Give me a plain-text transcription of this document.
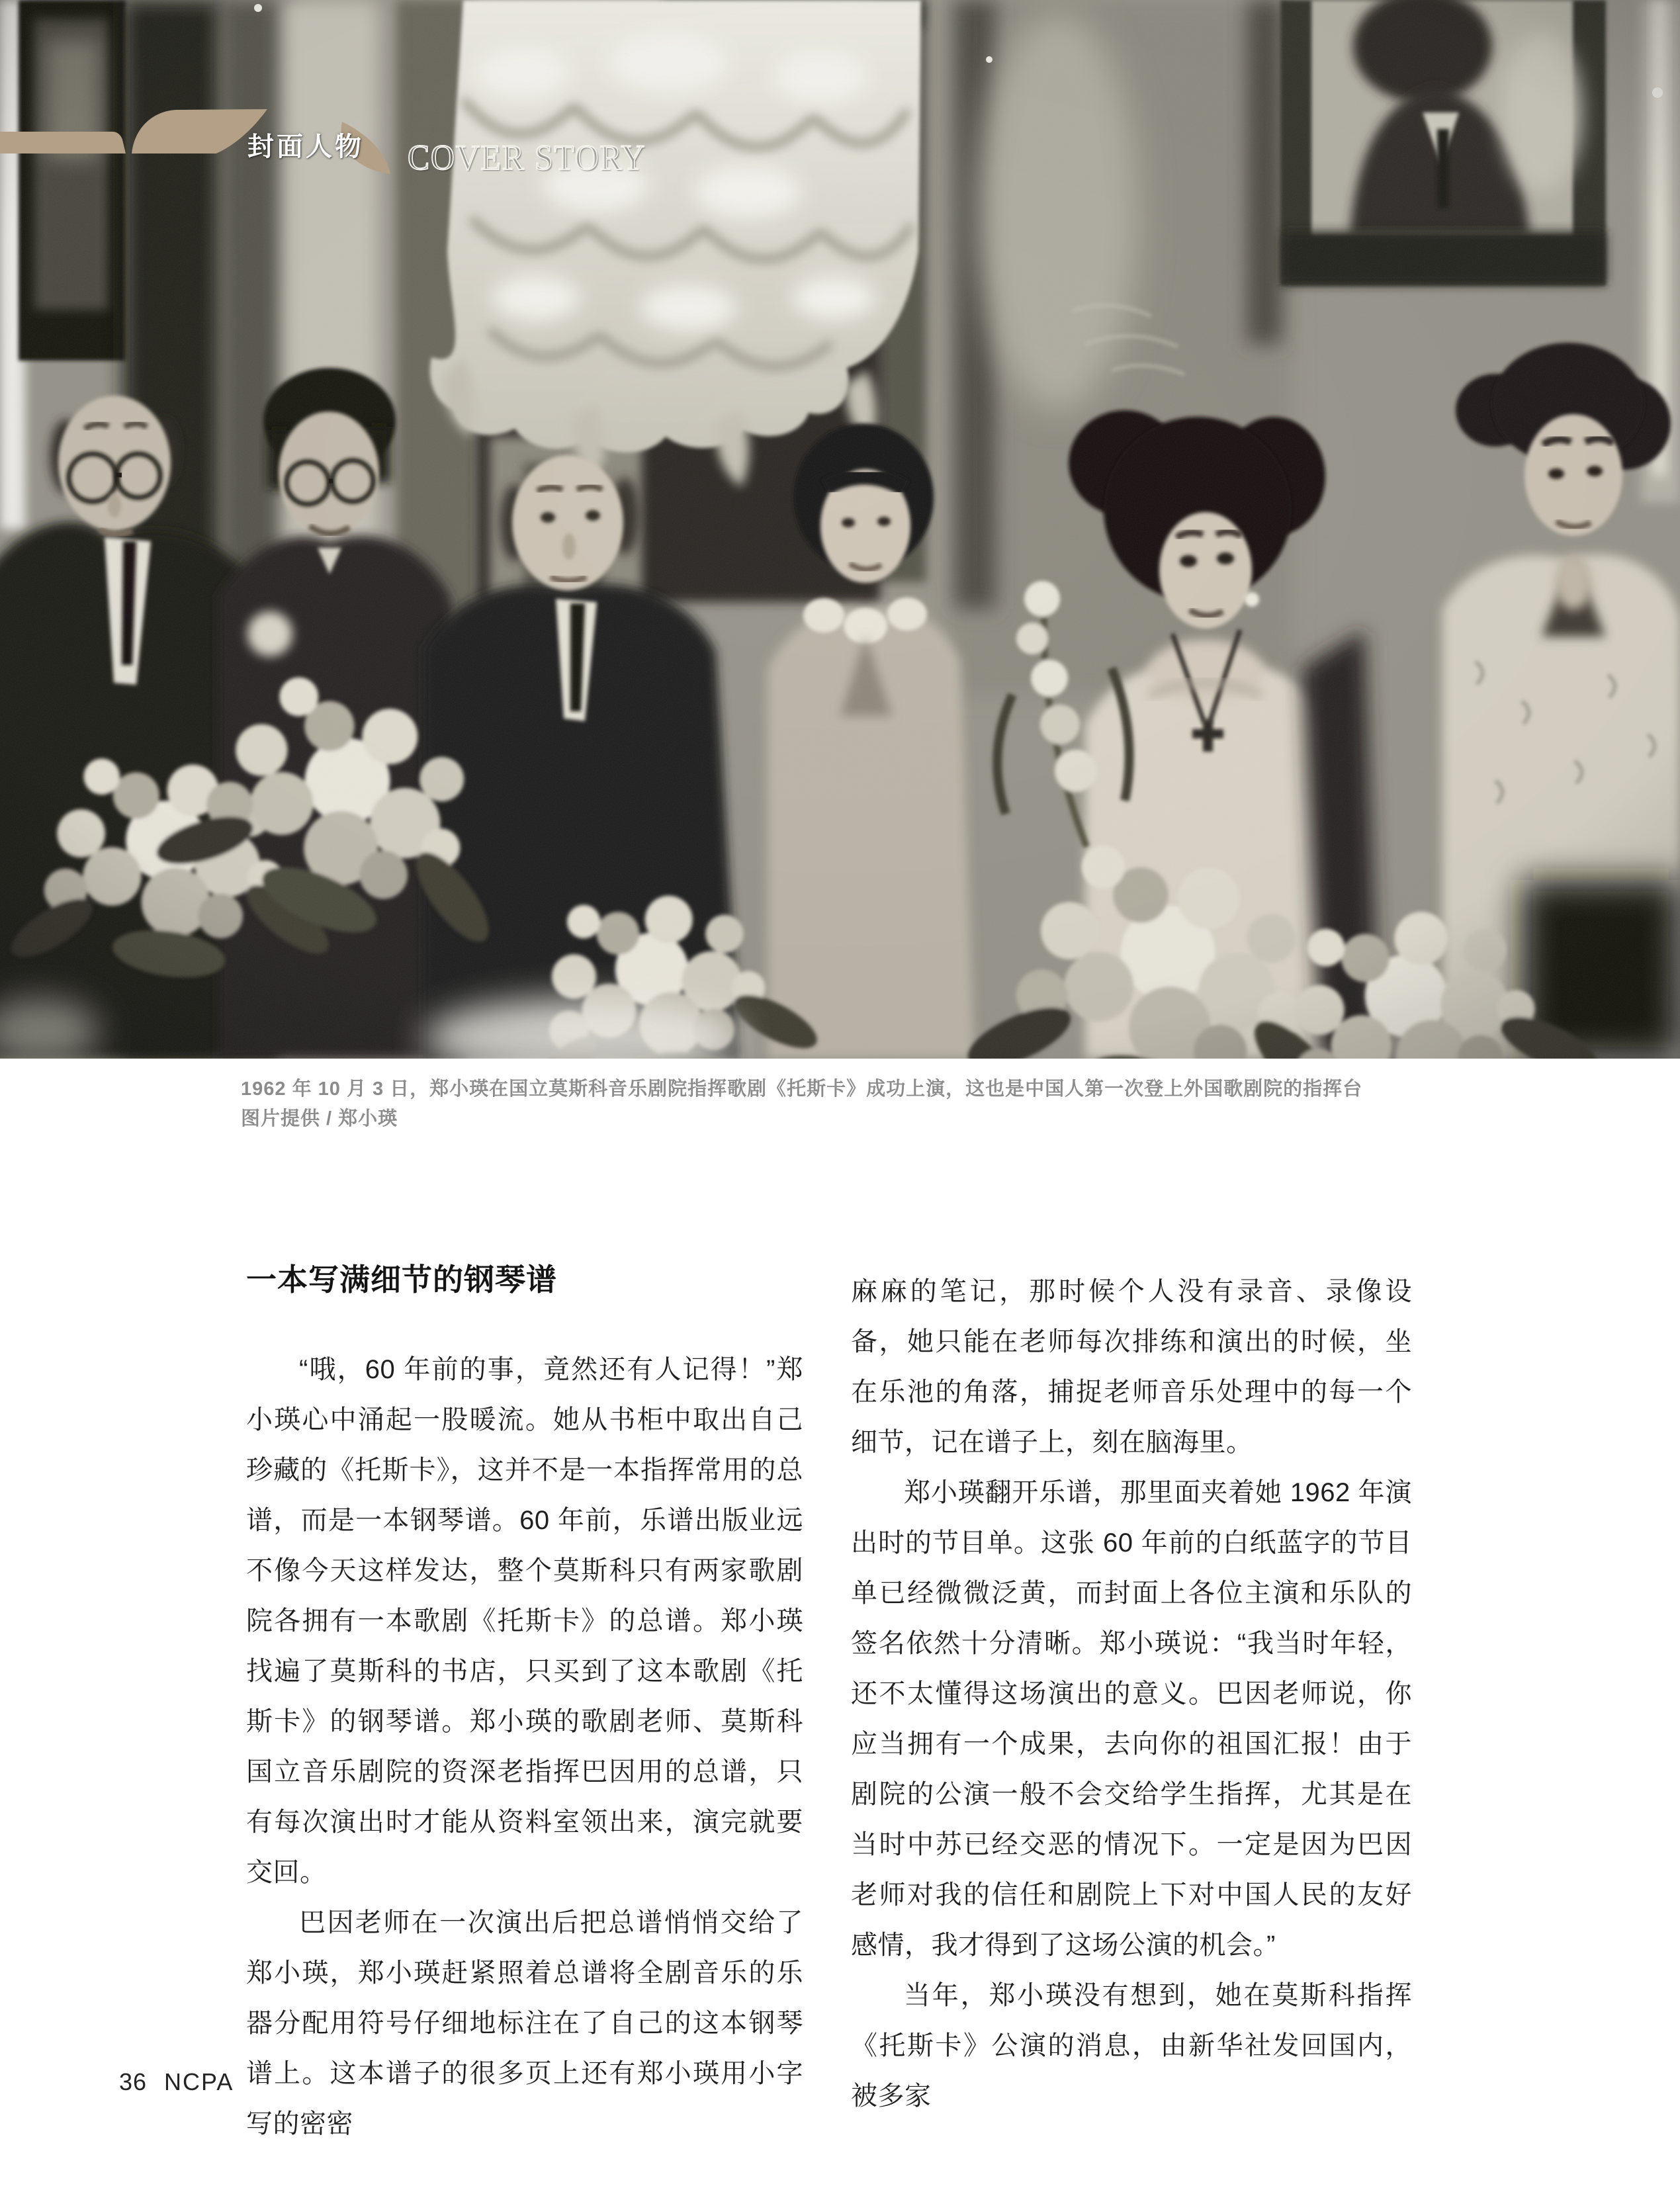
封面人物 COVER STORY
1962 年 10 月 3 日，郑小瑛在国立莫斯科音乐剧院指挥歌剧《托斯卡》成功上演，这也是中国人第一次登上外国歌剧院的指挥台
图片提供 / 郑小瑛
一本写满细节的钢琴谱

“哦，60 年前的事，竟然还有人记得！”郑小瑛心中涌起一股暖流。她从书柜中取出自己珍藏的《托斯卡》，这并不是一本指挥常用的总谱，而是一本钢琴谱。60 年前，乐谱出版业远不像今天这样发达，整个莫斯科只有两家歌剧院各拥有一本歌剧《托斯卡》的总谱。郑小瑛找遍了莫斯科的书店，只买到了这本歌剧《托斯卡》的钢琴谱。郑小瑛的歌剧老师、莫斯科国立音乐剧院的资深老指挥巴因用的总谱，只有每次演出时才能从资料室领出来，演完就要交回。

巴因老师在一次演出后把总谱悄悄交给了郑小瑛，郑小瑛赶紧照着总谱将全剧音乐的乐器分配用符号仔细地标注在了自己的这本钢琴谱上。这本谱子的很多页上还有郑小瑛用小字写的密密

麻麻的笔记，那时候个人没有录音、录像设备，她只能在老师每次排练和演出的时候，坐在乐池的角落，捕捉老师音乐处理中的每一个细节，记在谱子上，刻在脑海里。

郑小瑛翻开乐谱，那里面夹着她 1962 年演出时的节目单。这张 60 年前的白纸蓝字的节目单已经微微泛黄，而封面上各位主演和乐队的签名依然十分清晰。郑小瑛说：“我当时年轻，还不太懂得这场演出的意义。巴因老师说，你应当拥有一个成果，去向你的祖国汇报！由于剧院的公演一般不会交给学生指挥，尤其是在当时中苏已经交恶的情况下。一定是因为巴因老师对我的信任和剧院上下对中国人民的友好感情，我才得到了这场公演的机会。”

当年，郑小瑛没有想到，她在莫斯科指挥《托斯卡》公演的消息，由新华社发回国内，被多家

36 NCPA
